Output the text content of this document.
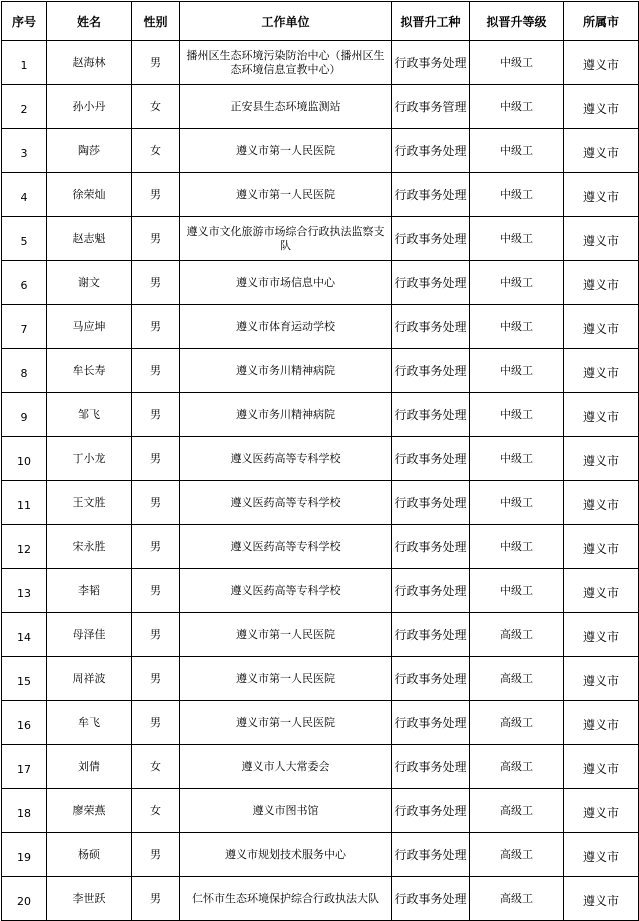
序号	姓名	性别	工作单位	拟晋升工种	拟晋升等级	所属市
1	赵海林	男	播州区生态环境污染防治中心（播州区生态环境信息宣教中心）	行政事务处理	中级工	遵义市
2	孙小丹	女	正安县生态环境监测站	行政事务管理	中级工	遵义市
3	陶莎	女	遵义市第一人民医院	行政事务处理	中级工	遵义市
4	徐荣灿	男	遵义市第一人民医院	行政事务处理	中级工	遵义市
5	赵志魁	男	遵义市文化旅游市场综合行政执法监察支队	行政事务处理	中级工	遵义市
6	谢文	男	遵义市市场信息中心	行政事务处理	中级工	遵义市
7	马应坤	男	遵义市体育运动学校	行政事务处理	中级工	遵义市
8	牟长寿	男	遵义市务川精神病院	行政事务处理	中级工	遵义市
9	邹飞	男	遵义市务川精神病院	行政事务处理	中级工	遵义市
10	丁小龙	男	遵义医药高等专科学校	行政事务处理	中级工	遵义市
11	王文胜	男	遵义医药高等专科学校	行政事务处理	中级工	遵义市
12	宋永胜	男	遵义医药高等专科学校	行政事务处理	中级工	遵义市
13	李韬	男	遵义医药高等专科学校	行政事务处理	中级工	遵义市
14	母泽佳	男	遵义市第一人民医院	行政事务处理	高级工	遵义市
15	周祥波	男	遵义市第一人民医院	行政事务处理	高级工	遵义市
16	牟飞	男	遵义市第一人民医院	行政事务处理	高级工	遵义市
17	刘倩	女	遵义市人大常委会	行政事务处理	高级工	遵义市
18	廖荣燕	女	遵义市图书馆	行政事务处理	高级工	遵义市
19	杨硕	男	遵义市规划技术服务中心	行政事务处理	高级工	遵义市
20	李世跃	男	仁怀市生态环境保护综合行政执法大队	行政事务处理	高级工	遵义市
